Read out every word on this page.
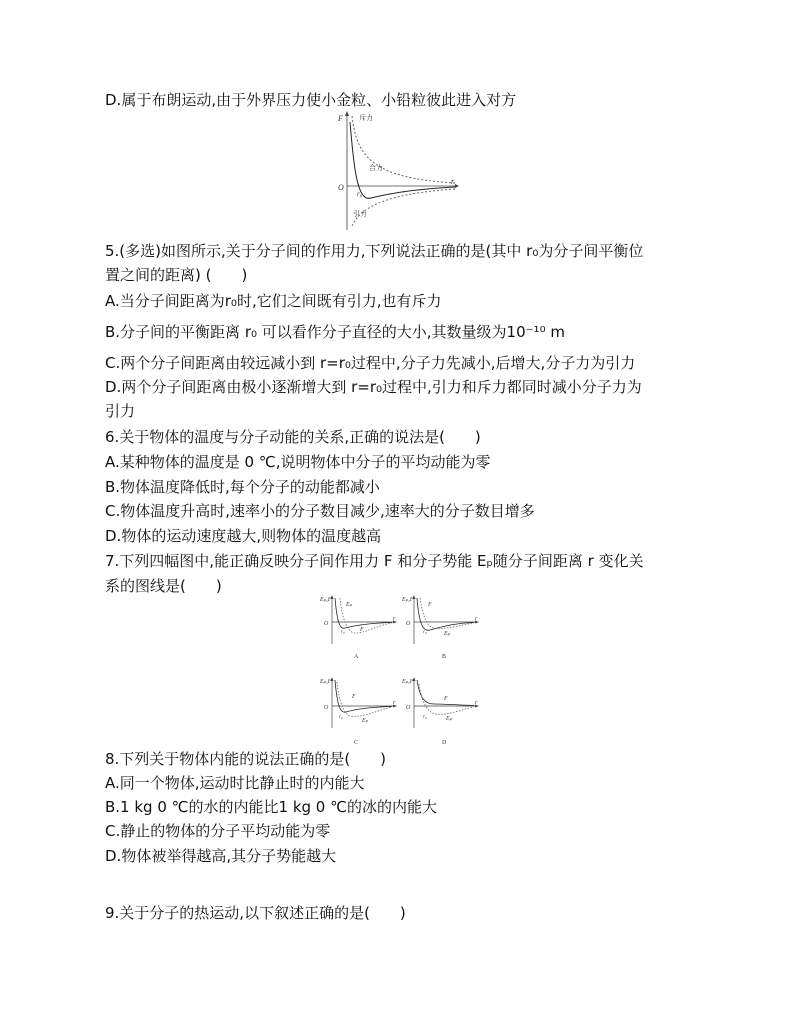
D.属于布朗运动,由于外界压力使小金粒、小铅粒彼此进入对方
F
r
O
r₀
斥力
合力
引力
5.(多选)如图所示,关于分子间的作用力,下列说法正确的是(其中 r₀为分子间平衡位
置之间的距离) (　　)
A.当分子间距离为r₀时,它们之间既有引力,也有斥力
B.分子间的平衡距离 r₀ 可以看作分子直径的大小,其数量级为10⁻¹⁰ m
C.两个分子间距离由较远减小到 r=r₀过程中,分子力先减小,后增大,分子力为引力
D.两个分子间距离由极小逐渐增大到 r=r₀过程中,引力和斥力都同时减小分子力为
引力
6.关于物体的温度与分子动能的关系,正确的说法是(　　)
A.某种物体的温度是 0 ℃,说明物体中分子的平均动能为零
B.物体温度降低时,每个分子的动能都减小
C.物体温度升高时,速率小的分子数目减少,速率大的分子数目增多
D.物体的运动速度越大,则物体的温度越高
7.下列四幅图中,能正确反映分子间作用力 F 和分子势能 Eₚ随分子间距离 r 变化关
系的图线是(　　)
Eₚ,F
r
O
r₀
Eₚ
F
A
Eₚ,F
r
O
r₀
F
Eₚ
B
Eₚ,F
r
O
r₀
F
Eₚ
C
Eₚ,F
r
O
r₀
F
Eₚ
D
8.下列关于物体内能的说法正确的是(　　)
A.同一个物体,运动时比静止时的内能大
B.1 kg 0 ℃的水的内能比1 kg 0 ℃的冰的内能大
C.静止的物体的分子平均动能为零
D.物体被举得越高,其分子势能越大
9.关于分子的热运动,以下叙述正确的是(　　)
